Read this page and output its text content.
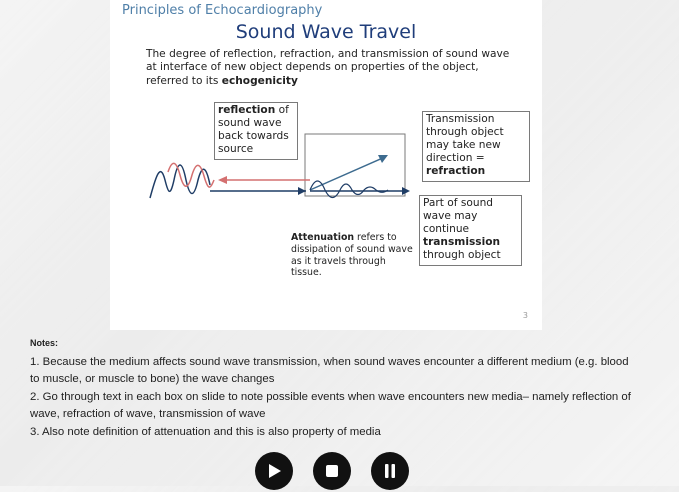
Principles of Echocardiography
Sound Wave Travel
The degree of reflection, refraction, and transmission of sound wave at interface of new object depends on properties of the object, referred to its echogenicity
reflection of sound wave back towards source
Transmission through object may take new direction = refraction
Part of sound wave may continue transmission through object
Attenuation refers to dissipation of sound wave as it travels through tissue.
3
Notes:

1. Because the medium affects sound wave transmission, when sound waves encounter a different medium (e.g. blood to muscle, or muscle to bone) the wave changes

2. Go through text in each box on slide to note possible events when wave encounters new media– namely reflection of wave, refraction of wave, transmission of wave

3. Also note definition of attenuation and this is also property of media
